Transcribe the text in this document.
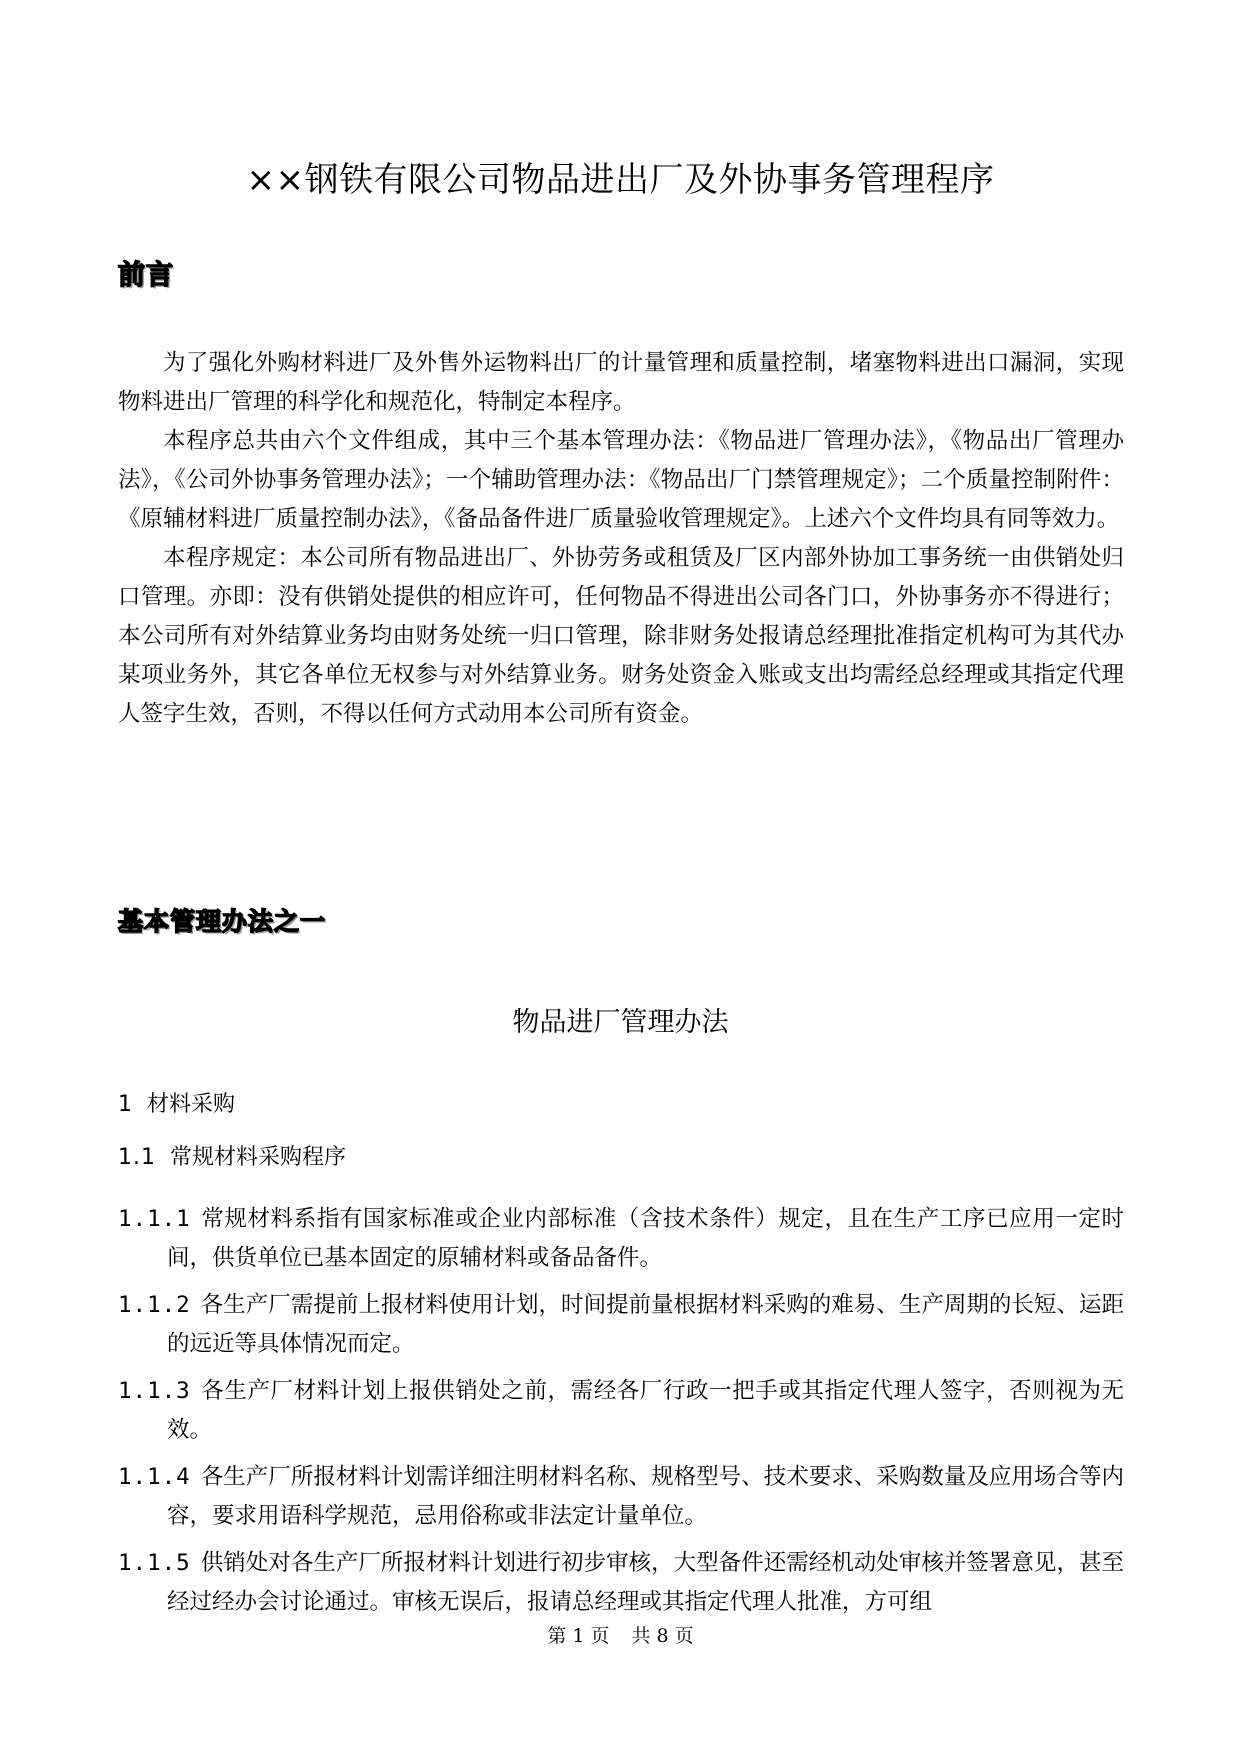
××钢铁有限公司物品进出厂及外协事务管理程序
前言

为了强化外购材料进厂及外售外运物料出厂的计量管理和质量控制，堵塞物料进出口漏洞，实现物料进出厂管理的科学化和规范化，特制定本程序。

本程序总共由六个文件组成，其中三个基本管理办法：《物品进厂管理办法》，《物品出厂管理办法》，《公司外协事务管理办法》；一个辅助管理办法：《物品出厂门禁管理规定》；二个质量控制附件：《原辅材料进厂质量控制办法》，《备品备件进厂质量验收管理规定》。上述六个文件均具有同等效力。

本程序规定：本公司所有物品进出厂、外协劳务或租赁及厂区内部外协加工事务统一由供销处归口管理。亦即：没有供销处提供的相应许可，任何物品不得进出公司各门口，外协事务亦不得进行；本公司所有对外结算业务均由财务处统一归口管理，除非财务处报请总经理批准指定机构可为其代办某项业务外，其它各单位无权参与对外结算业务。财务处资金入账或支出均需经总经理或其指定代理人签字生效，否则，不得以任何方式动用本公司所有资金。

基本管理办法之一
物品进厂管理办法
1 材料采购
1.1 常规材料采购程序
1.1.1 常规材料系指有国家标准或企业内部标准（含技术条件）规定，且在生产工序已应用一定时间，供货单位已基本固定的原辅材料或备品备件。
1.1.2 各生产厂需提前上报材料使用计划，时间提前量根据材料采购的难易、生产周期的长短、运距的远近等具体情况而定。
1.1.3 各生产厂材料计划上报供销处之前，需经各厂行政一把手或其指定代理人签字，否则视为无效。
1.1.4 各生产厂所报材料计划需详细注明材料名称、规格型号、技术要求、采购数量及应用场合等内容，要求用语科学规范，忌用俗称或非法定计量单位。
1.1.5 供销处对各生产厂所报材料计划进行初步审核，大型备件还需经机动处审核并签署意见，甚至经过经办会讨论通过。审核无误后，报请总经理或其指定代理人批准，方可组
第 1 页 共 8 页
